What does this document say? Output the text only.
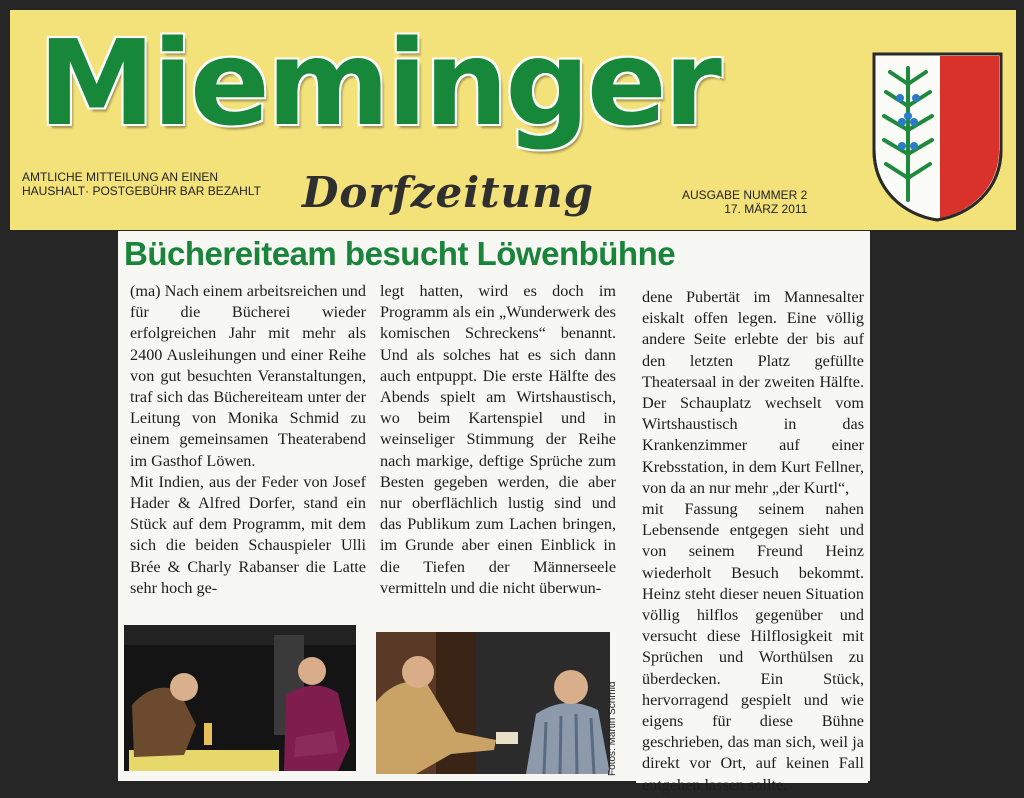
Mieminger
Dorfzeitung
AMTLICHE MITTEILUNG AN EINEN
HAUSHALT· POSTGEBÜHR BAR BEZAHLT	AUSGABE NUMMER 2
17. MÄRZ 2011
Büchereiteam besucht Löwenbühne

(ma) Nach einem arbeitsreichen und für die Bücherei wieder erfolgreichen Jahr mit mehr als 2400 Ausleihungen und einer Reihe von gut besuchten Veranstaltungen, traf sich das Büchereiteam unter der Leitung von Monika Schmid zu einem gemeinsamen Theaterabend im Gasthof Löwen.

Mit Indien, aus der Feder von Josef Hader & Alfred Dorfer, stand ein Stück auf dem Programm, mit dem sich die beiden Schauspieler Ulli Brée & Charly Rabanser die Latte sehr hoch ge-

legt hatten, wird es doch im Programm als ein „Wunderwerk des komischen Schreckens“ benannt. Und als solches hat es sich dann auch entpuppt. Die erste Hälfte des Abends spielt am Wirtshaustisch, wo beim Kartenspiel und in weinseliger Stimmung der Reihe nach markige, deftige Sprüche zum Besten gegeben werden, die aber nur oberflächlich lustig sind und das Publikum zum Lachen bringen, im Grunde aber einen Einblick in die Tiefen der Männerseele vermitteln und die nicht überwun-

dene Pubertät im Mannesalter eiskalt offen legen. Eine völlig andere Seite erlebte der bis auf den letzten Platz gefüllte Theatersaal in der zweiten Hälfte. Der Schauplatz wechselt vom Wirtshaustisch in das Krankenzimmer auf einer Krebsstation, in dem Kurt Fellner, von da an nur mehr „der Kurtl“,

mit Fassung seinem nahen Lebensende entgegen sieht und von seinem Freund Heinz wiederholt Besuch bekommt. Heinz steht dieser neuen Situation völlig hilflos gegenüber und versucht diese Hilflosigkeit mit Sprüchen und Worthülsen zu überdecken. Ein Stück, hervorragend gespielt und wie eigens für diese Bühne geschrieben, das man sich, weil ja direkt vor Ort, auf keinen Fall entgehen lassen sollte.

Fotos: Martin Schmid
